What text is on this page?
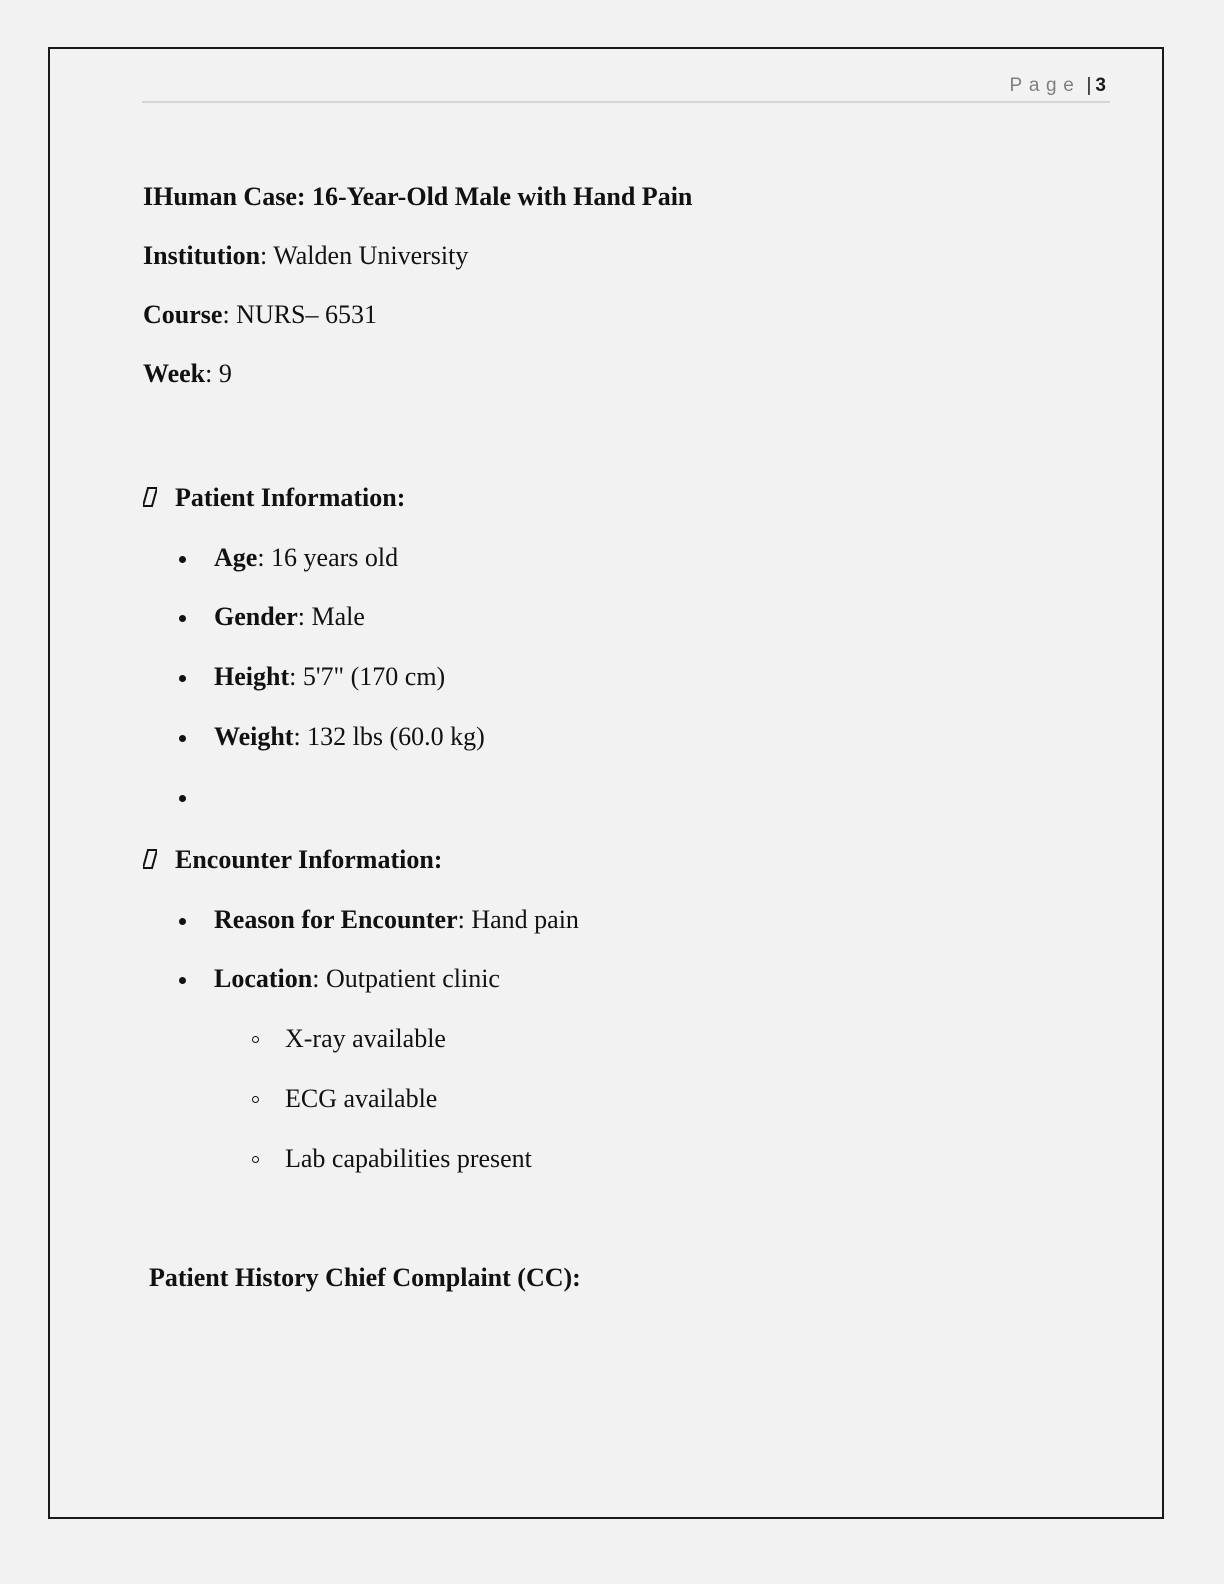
Page | 3
IHuman Case: 16-Year-Old Male with Hand Pain
Institution: Walden University
Course: NURS– 6531
Week: 9
Patient Information:
Age: 16 years old
Gender: Male
Height: 5'7" (170 cm)
Weight: 132 lbs (60.0 kg)
Encounter Information:
Reason for Encounter: Hand pain
Location: Outpatient clinic
X-ray available
ECG available
Lab capabilities present
Patient History Chief Complaint (CC):
